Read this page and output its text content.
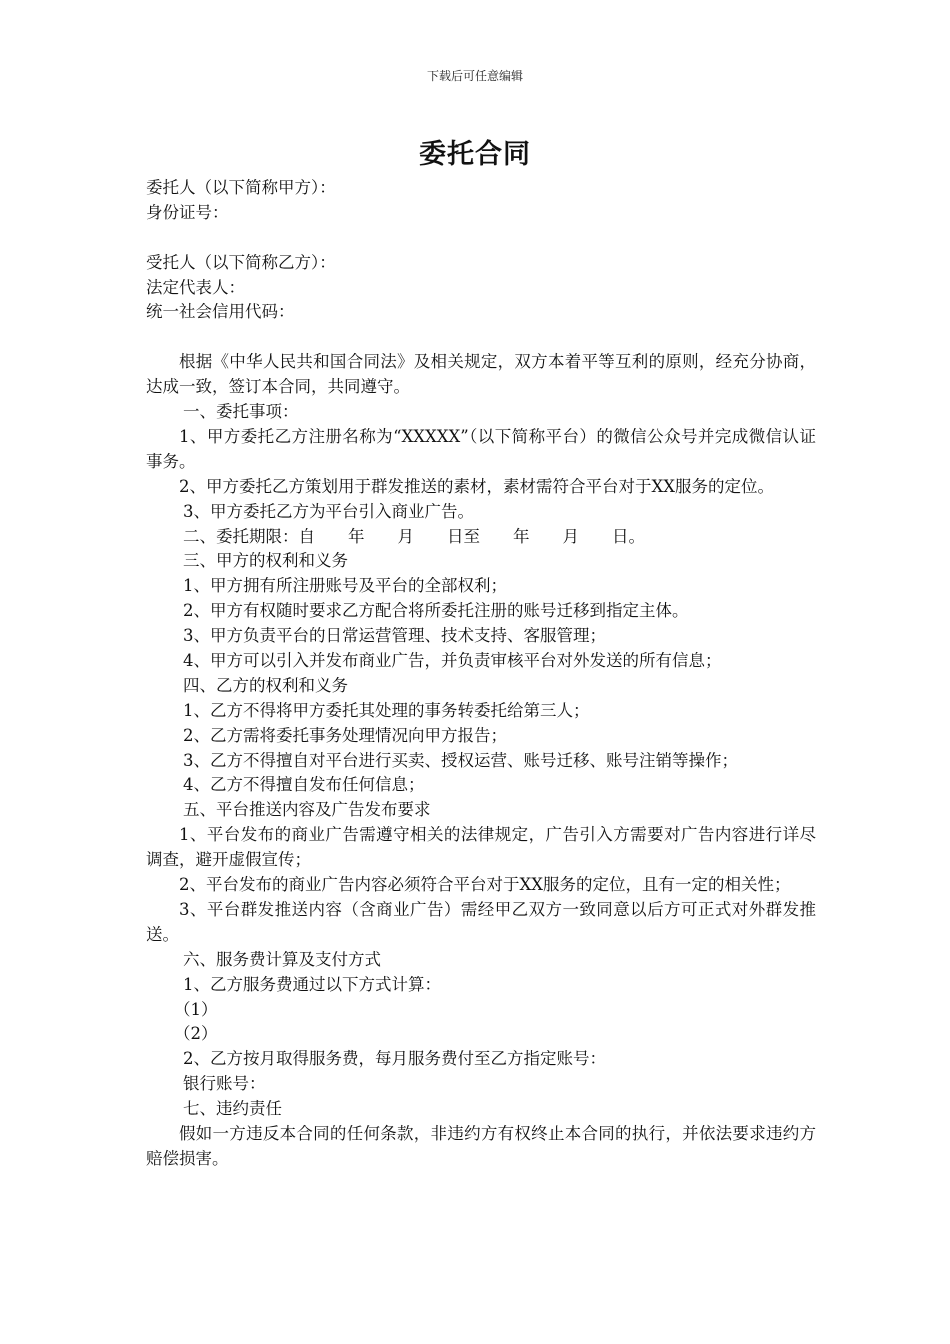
下载后可任意编辑
委托合同
委托人（以下简称甲方）：
身份证号：
受托人（以下简称乙方）：
法定代表人：
统一社会信用代码：
根据《中华人民共和国合同法》及相关规定，双方本着平等互利的原则，经充分协商，达成一致，签订本合同，共同遵守。
一、委托事项：
1、甲方委托乙方注册名称为“XXXXX”（以下简称平台）的微信公众号并完成微信认证事务。
2、甲方委托乙方策划用于群发推送的素材，素材需符合平台对于XX服务的定位。
3、甲方委托乙方为平台引入商业广告。
二、委托期限：自　　年　　月　　日至　　年　　月　　日。
三、甲方的权利和义务
1、甲方拥有所注册账号及平台的全部权利；
2、甲方有权随时要求乙方配合将所委托注册的账号迁移到指定主体。
3、甲方负责平台的日常运营管理、技术支持、客服管理；
4、甲方可以引入并发布商业广告，并负责审核平台对外发送的所有信息；
四、乙方的权利和义务
1、乙方不得将甲方委托其处理的事务转委托给第三人；
2、乙方需将委托事务处理情况向甲方报告；
3、乙方不得擅自对平台进行买卖、授权运营、账号迁移、账号注销等操作；
4、乙方不得擅自发布任何信息；
五、平台推送内容及广告发布要求
1、平台发布的商业广告需遵守相关的法律规定，广告引入方需要对广告内容进行详尽调查，避开虚假宣传；
2、平台发布的商业广告内容必须符合平台对于XX服务的定位，且有一定的相关性；
3、平台群发推送内容（含商业广告）需经甲乙双方一致同意以后方可正式对外群发推送。
六、服务费计算及支付方式
1、乙方服务费通过以下方式计算：
（1）
（2）
2、乙方按月取得服务费，每月服务费付至乙方指定账号：
银行账号：
七、违约责任
假如一方违反本合同的任何条款，非违约方有权终止本合同的执行，并依法要求违约方赔偿损害。
